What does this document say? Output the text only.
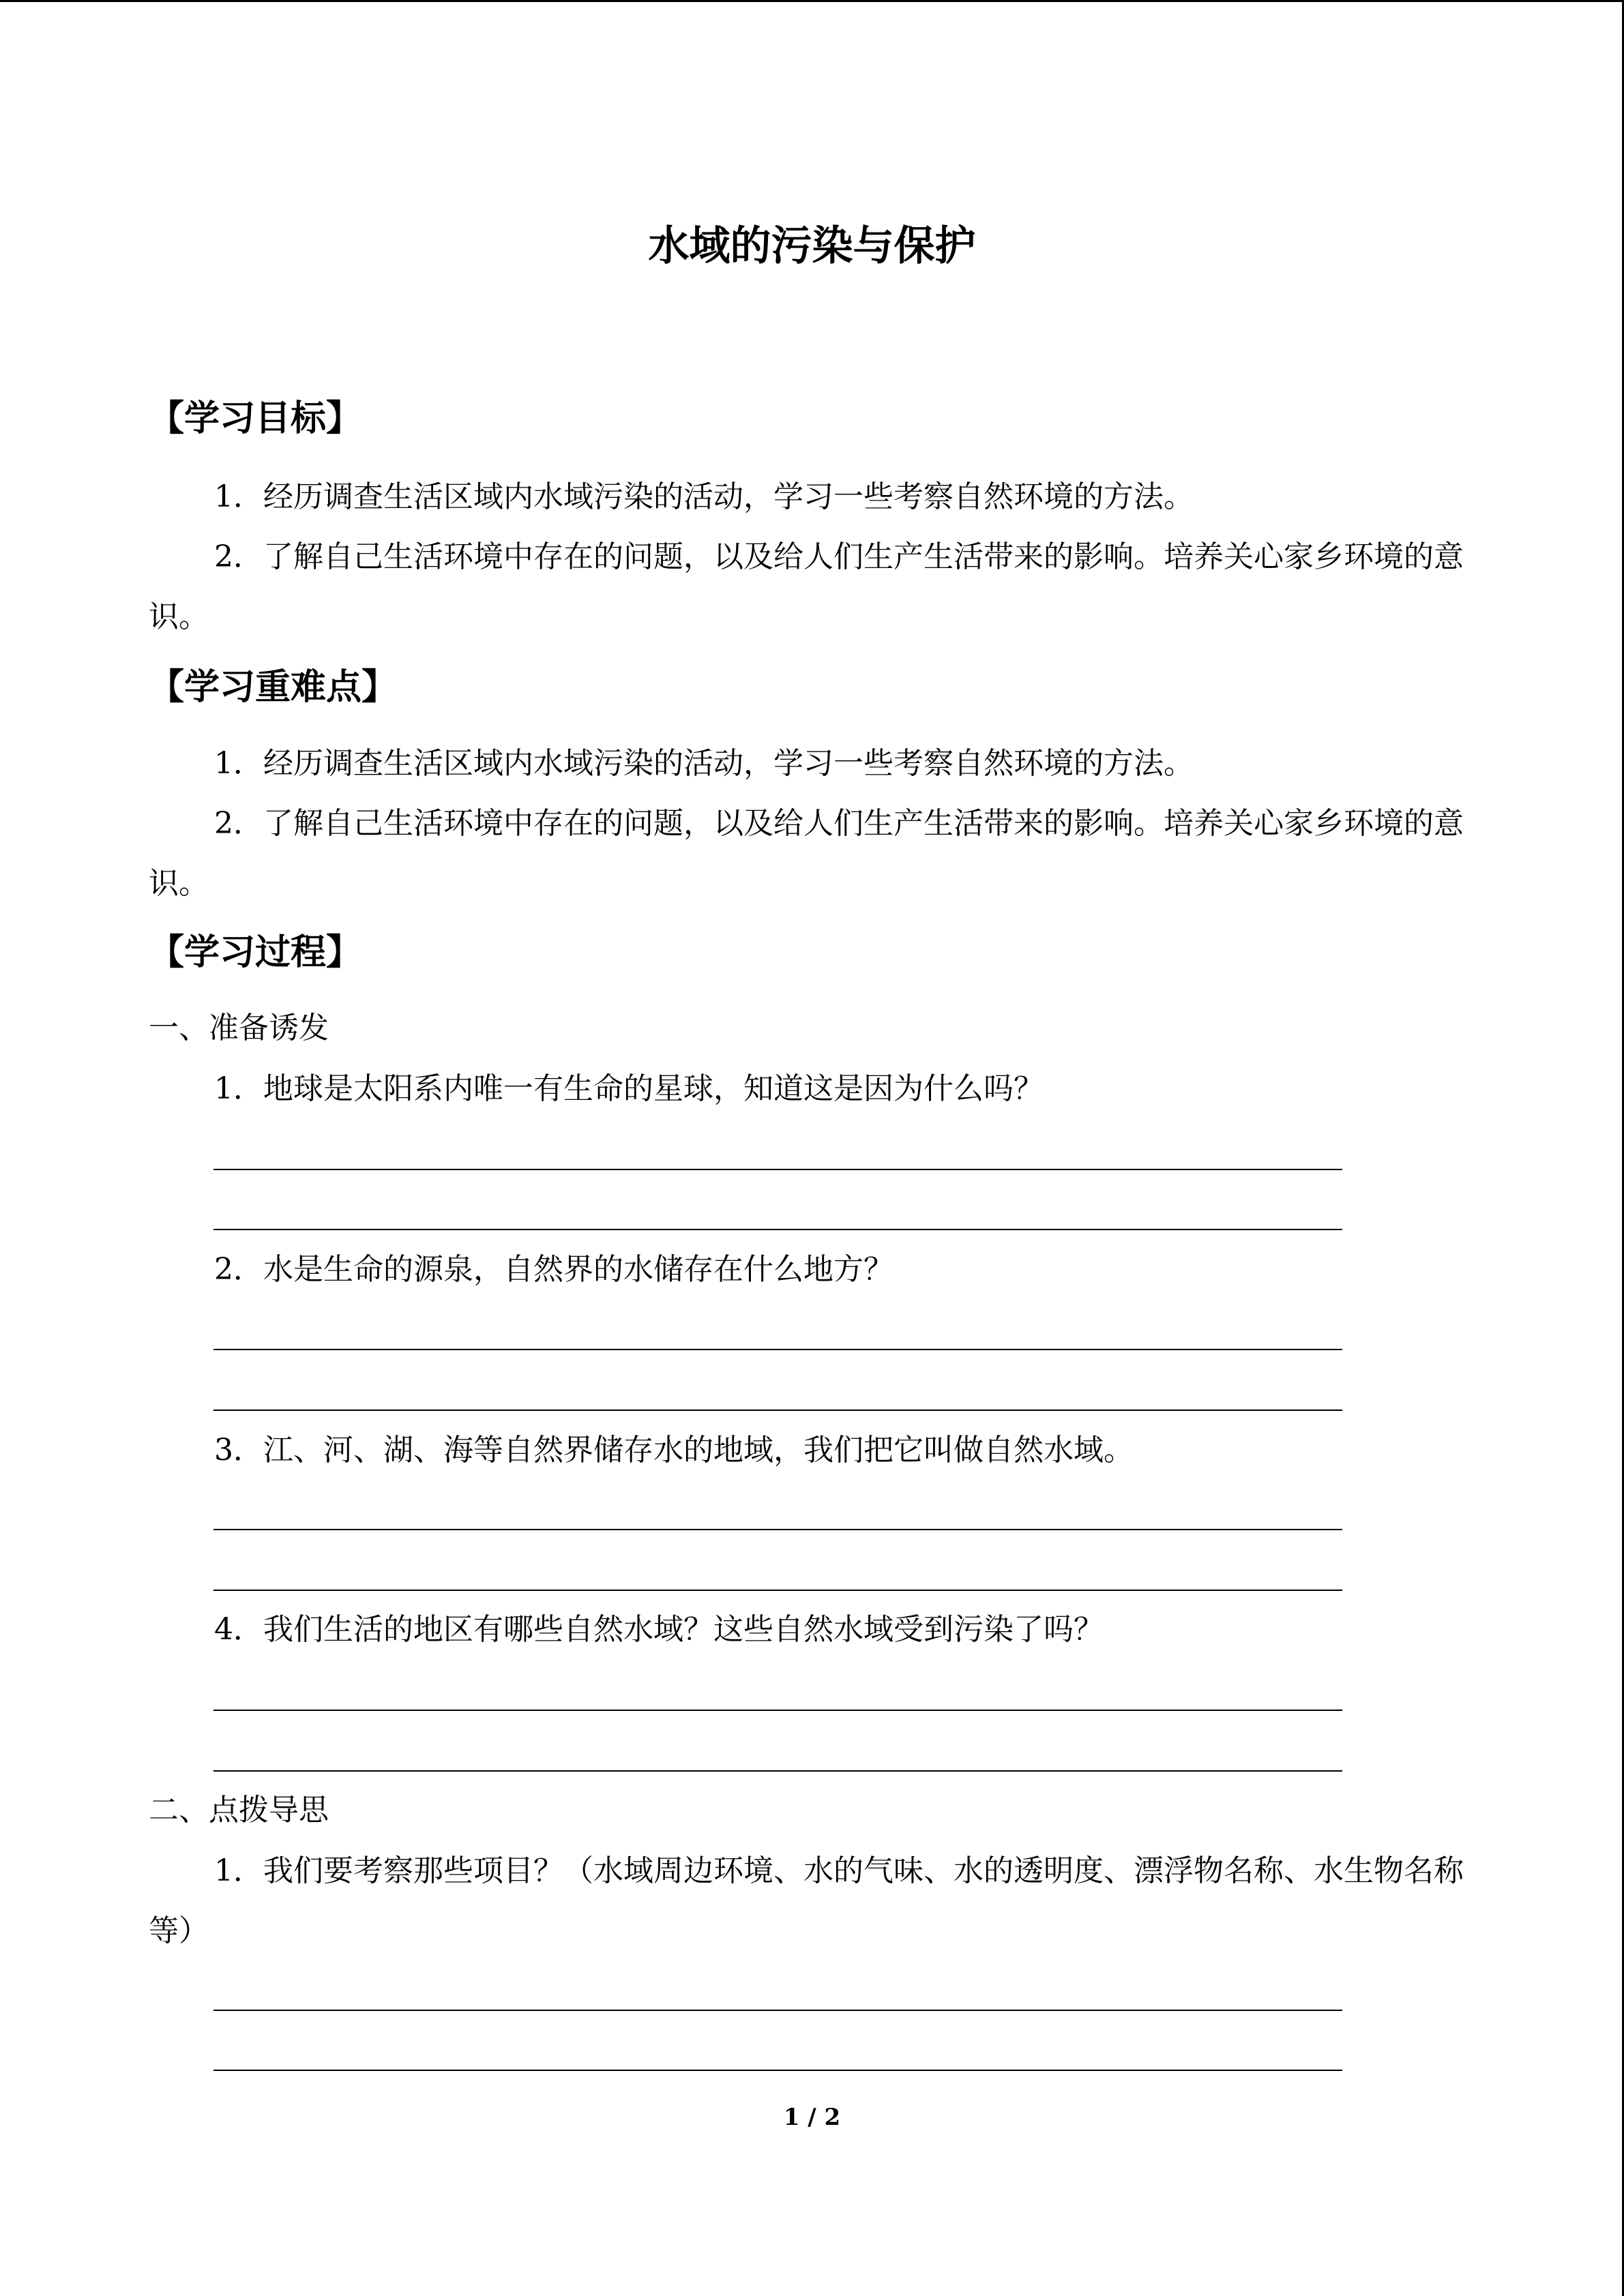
水域的污染与保护
【学习目标】
1．经历调查生活区域内水域污染的活动，学习一些考察自然环境的方法。
2．了解自己生活环境中存在的问题，以及给人们生产生活带来的影响。培养关心家乡环境的意识。
【学习重难点】
1．经历调查生活区域内水域污染的活动，学习一些考察自然环境的方法。
2．了解自己生活环境中存在的问题，以及给人们生产生活带来的影响。培养关心家乡环境的意识。
【学习过程】
一、准备诱发
1．地球是太阳系内唯一有生命的星球，知道这是因为什么吗？
2．水是生命的源泉，自然界的水储存在什么地方？
3．江、河、湖、海等自然界储存水的地域，我们把它叫做自然水域。
4．我们生活的地区有哪些自然水域？这些自然水域受到污染了吗？
二、点拨导思
1．我们要考察那些项目？（水域周边环境、水的气味、水的透明度、漂浮物名称、水生物名称等）
1 / 2
